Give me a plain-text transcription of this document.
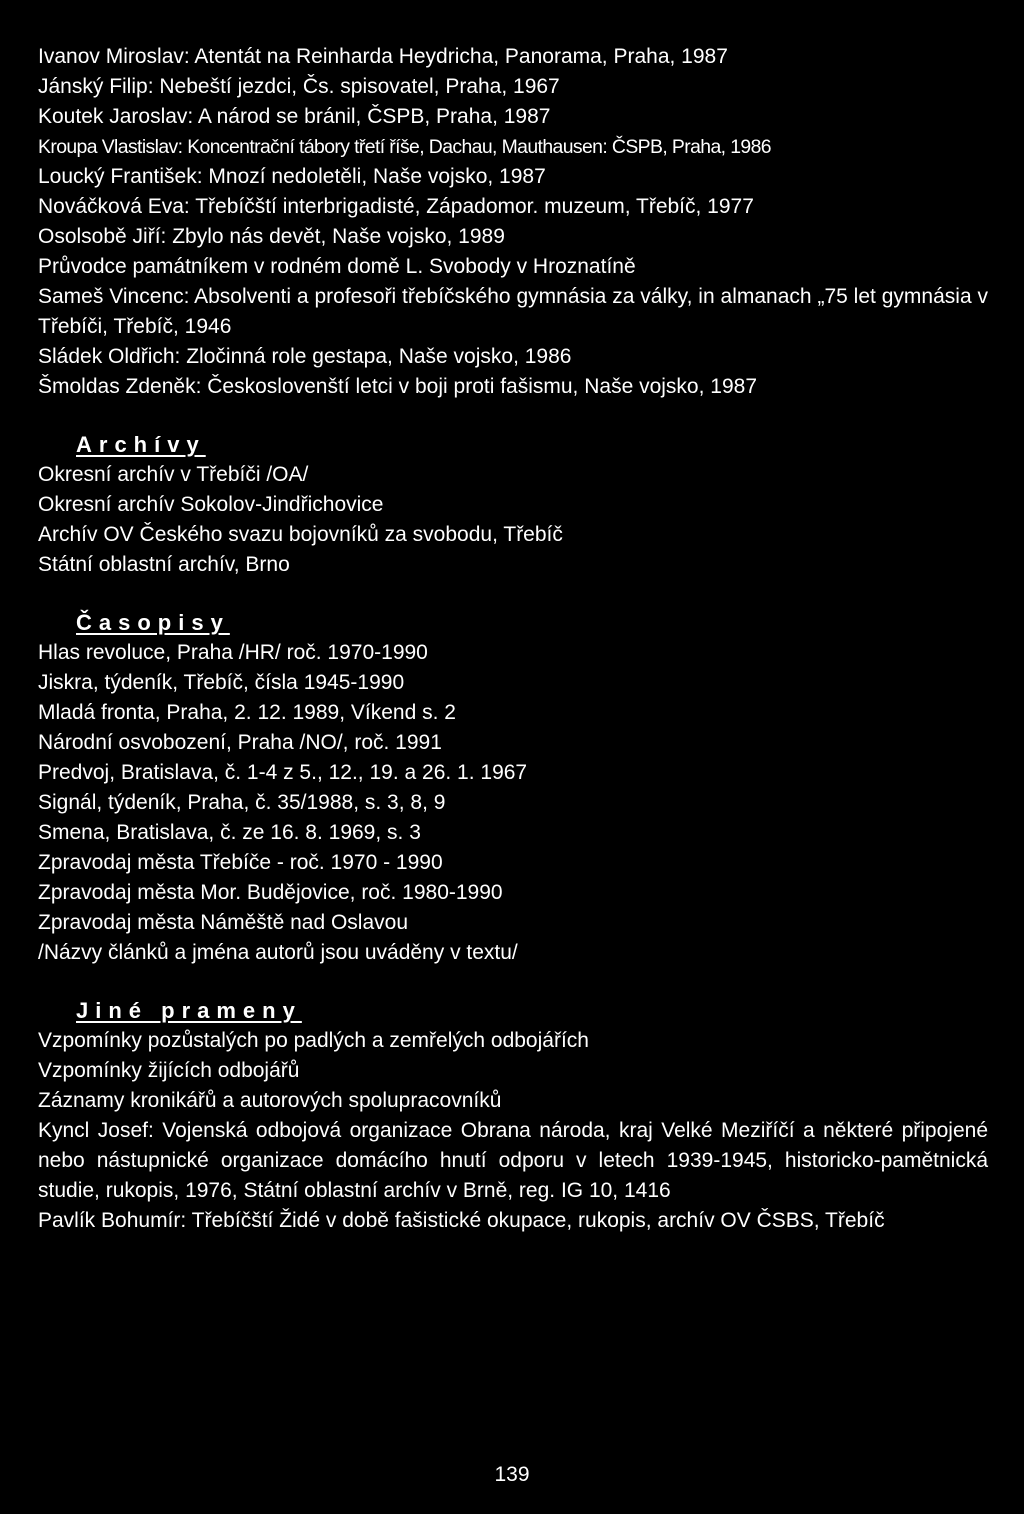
Ivanov Miroslav: Atentát na Reinharda Heydricha, Panorama, Praha, 1987

Jánský Filip: Nebeští jezdci, Čs. spisovatel, Praha, 1967

Koutek Jaroslav: A národ se bránil, ČSPB, Praha, 1987

Kroupa Vlastislav: Koncentrační tábory třetí říše, Dachau, Mauthausen: ČSPB, Praha, 1986

Loucký František: Mnozí nedoletěli, Naše vojsko, 1987

Nováčková Eva: Třebíčští interbrigadisté, Západomor. muzeum, Třebíč, 1977

Osolsobě Jiří: Zbylo nás devět, Naše vojsko, 1989

Průvodce památníkem v rodném domě L. Svobody v Hroznatíně

Sameš Vincenc: Absolventi a profesoři třebíčského gymnásia za války, in almanach „75 let gymnásia v Třebíči, Třebíč, 1946

Sládek Oldřich: Zločinná role gestapa, Naše vojsko, 1986

Šmoldas Zdeněk: Českoslovenští letci v boji proti fašismu, Naše vojsko, 1987

Archívy

Okresní archív v Třebíči /OA/

Okresní archív Sokolov-Jindřichovice

Archív OV Českého svazu bojovníků za svobodu, Třebíč

Státní oblastní archív, Brno

Časopisy

Hlas revoluce, Praha /HR/ roč. 1970-1990

Jiskra, týdeník, Třebíč, čísla 1945-1990

Mladá fronta, Praha, 2. 12. 1989, Víkend s. 2

Národní osvobození, Praha /NO/, roč. 1991

Predvoj, Bratislava, č. 1-4 z 5., 12., 19. a 26. 1. 1967

Signál, týdeník, Praha, č. 35/1988, s. 3, 8, 9

Smena, Bratislava, č. ze 16. 8. 1969, s. 3

Zpravodaj města Třebíče - roč. 1970 - 1990

Zpravodaj města Mor. Budějovice, roč. 1980-1990

Zpravodaj města Náměště nad Oslavou

/Názvy článků a jména autorů jsou uváděny v textu/

Jiné prameny

Vzpomínky pozůstalých po padlých a zemřelých odbojářích

Vzpomínky žijících odbojářů

Záznamy kronikářů a autorových spolupracovníků

Kyncl Josef: Vojenská odbojová organizace Obrana národa, kraj Velké Meziříčí a některé připojené nebo nástupnické organizace domácího hnutí odporu v letech 1939-1945, historicko-pamětnická studie, rukopis, 1976, Státní oblastní archív v Brně, reg. IG 10, 1416

Pavlík Bohumír: Třebíčští Židé v době fašistické okupace, rukopis, archív OV ČSBS, Třebíč

139
